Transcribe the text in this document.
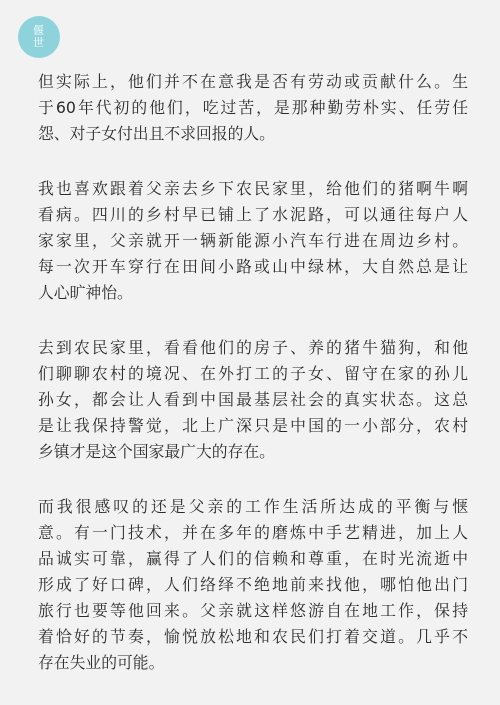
偃
世
但实际上，他们并不在意我是否有劳动或贡献什么。生
于60年代初的他们，吃过苦，是那种勤劳朴实、任劳任
怨、对子女付出且不求回报的人。
我也喜欢跟着父亲去乡下农民家里，给他们的猪啊牛啊
看病。四川的乡村早已铺上了水泥路，可以通往每户人
家家里，父亲就开一辆新能源小汽车行进在周边乡村。
每一次开车穿行在田间小路或山中绿林，大自然总是让
人心旷神怡。
去到农民家里，看看他们的房子、养的猪牛猫狗，和他
们聊聊农村的境况、在外打工的子女、留守在家的孙儿
孙女，都会让人看到中国最基层社会的真实状态。这总
是让我保持警觉，北上广深只是中国的一小部分，农村
乡镇才是这个国家最广大的存在。
而我很感叹的还是父亲的工作生活所达成的平衡与惬
意。有一门技术，并在多年的磨炼中手艺精进，加上人
品诚实可靠，赢得了人们的信赖和尊重，在时光流逝中
形成了好口碑，人们络绎不绝地前来找他，哪怕他出门
旅行也要等他回来。父亲就这样悠游自在地工作，保持
着恰好的节奏，愉悦放松地和农民们打着交道。几乎不
存在失业的可能。
